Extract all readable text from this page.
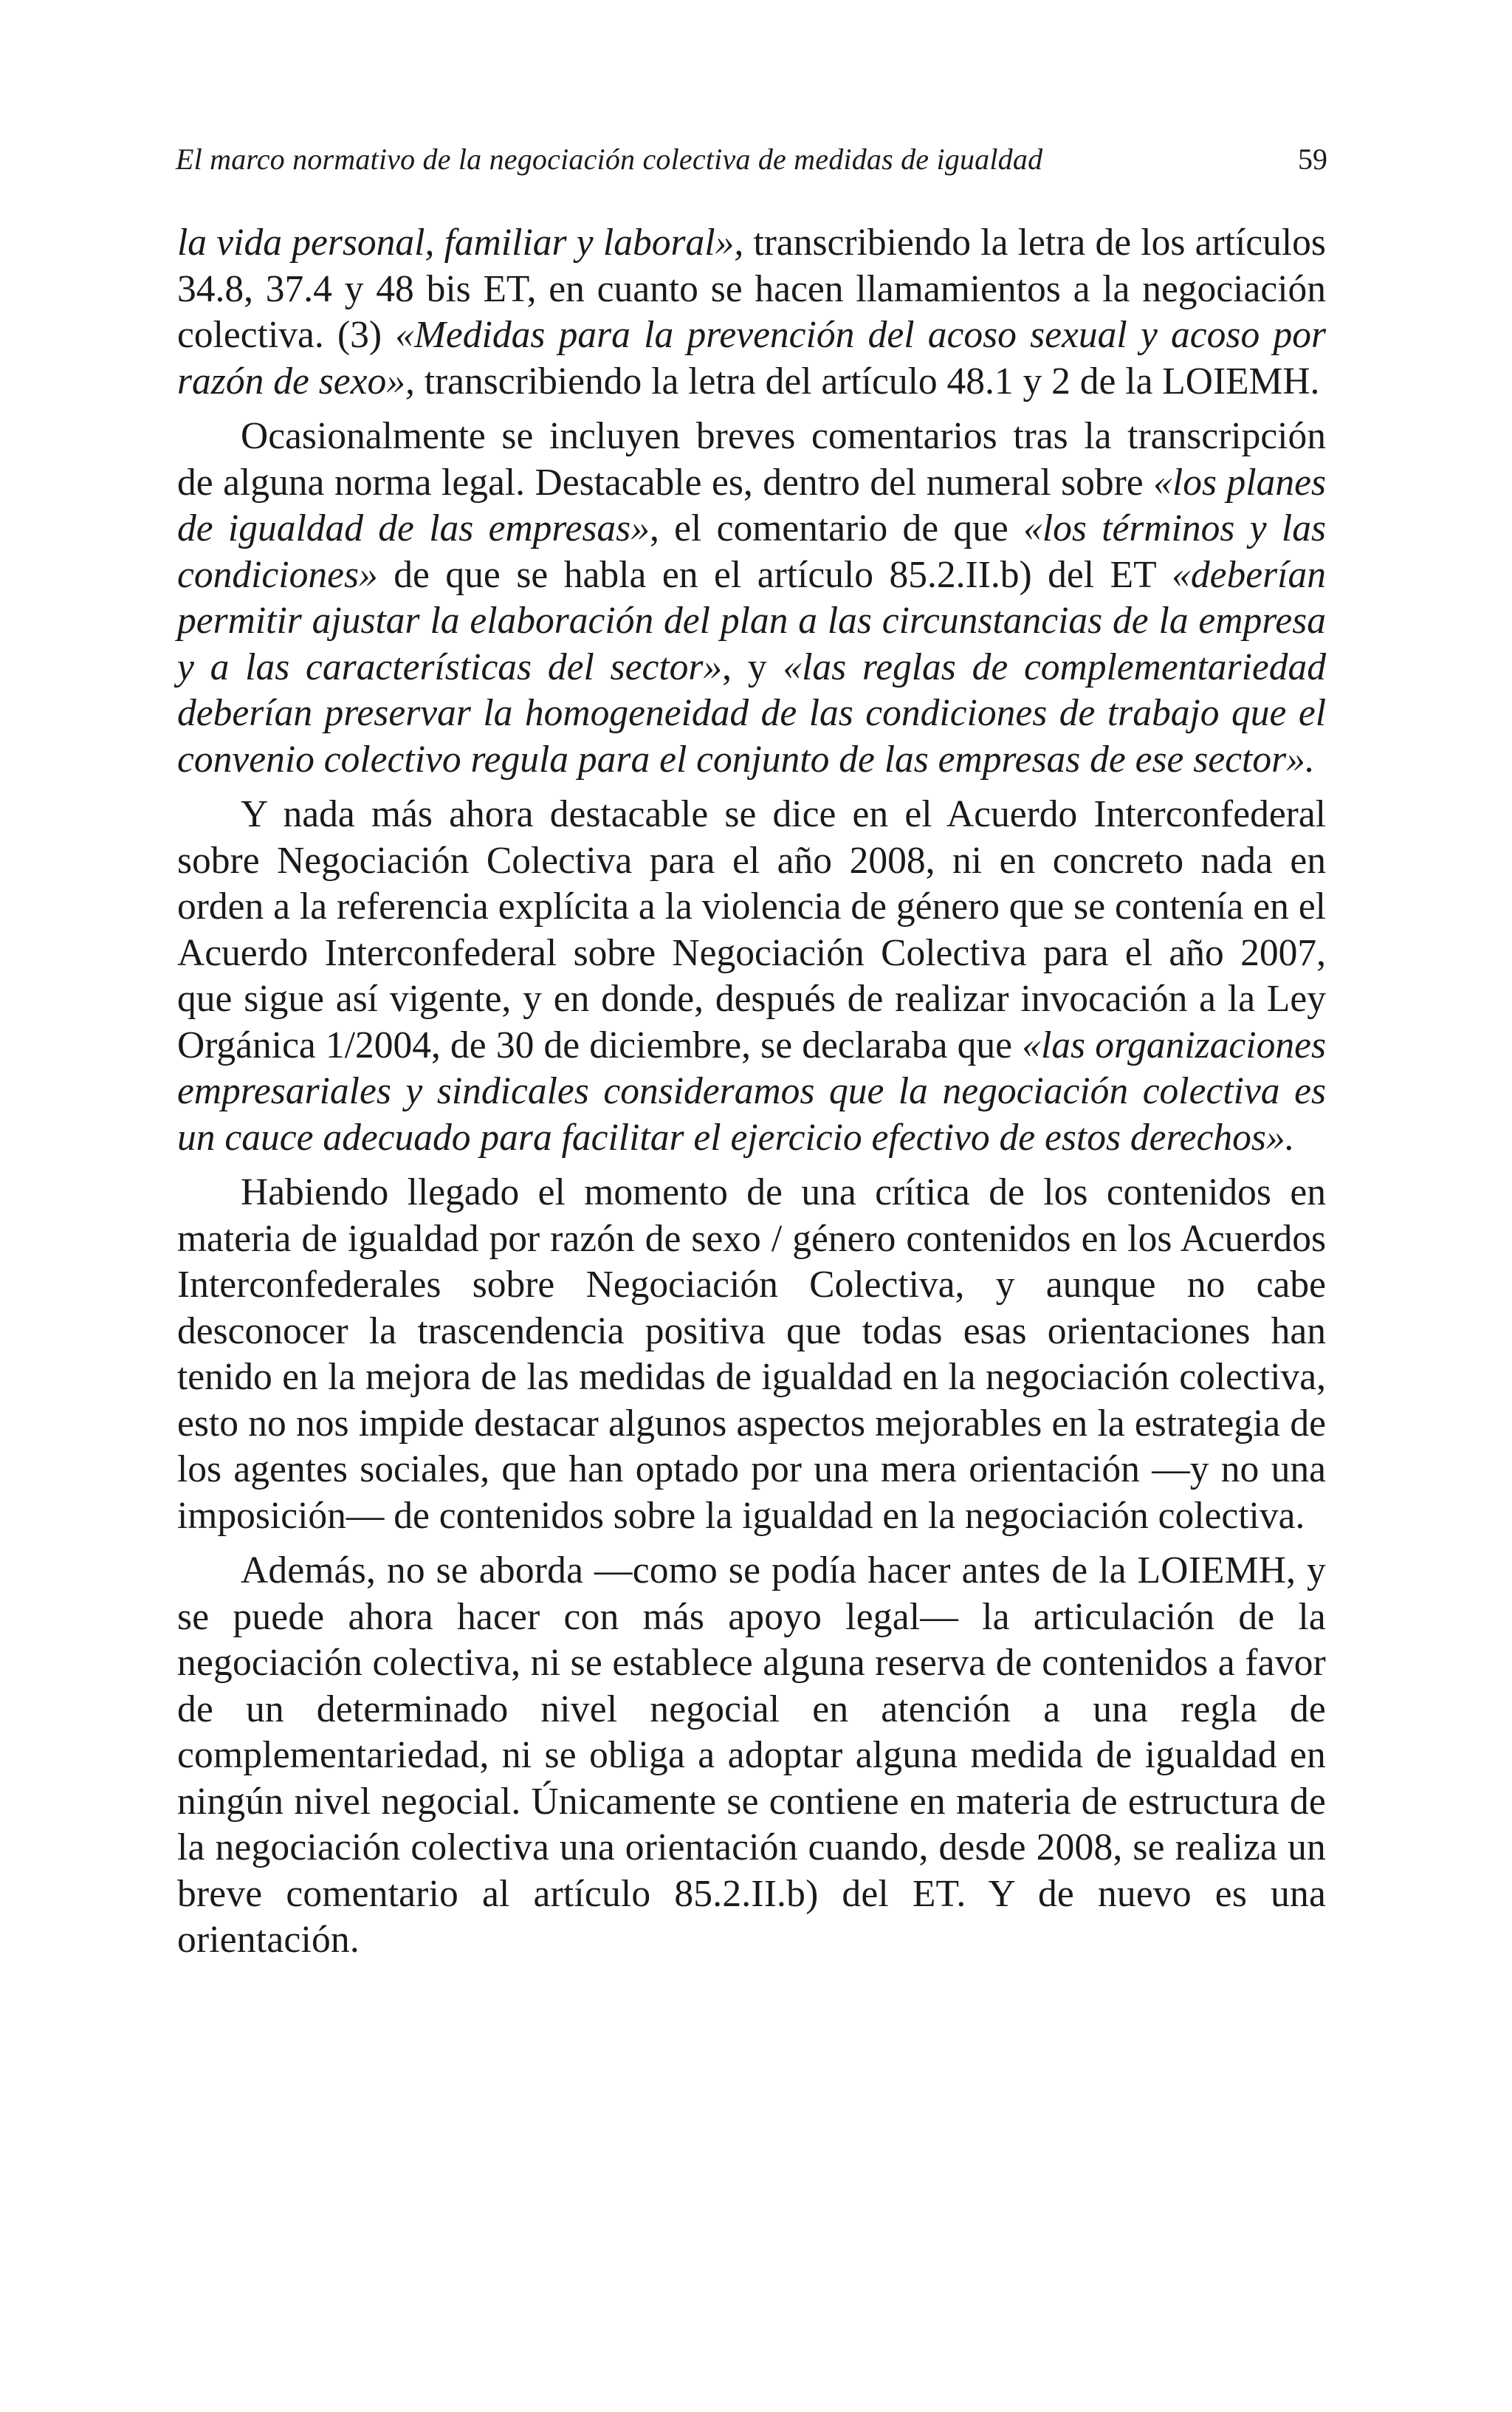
El marco normativo de la negociación colectiva de medidas de igualdad	59

la vida personal, familiar y laboral», transcribiendo la letra de los artículos 34.8, 37.4 y 48 bis ET, en cuanto se hacen llamamientos a la negociación colectiva. (3) «Medidas para la prevención del acoso sexual y acoso por razón de sexo», transcribiendo la letra del artículo 48.1 y 2 de la LOIEMH.

Ocasionalmente se incluyen breves comentarios tras la transcripción de alguna norma legal. Destacable es, dentro del numeral sobre «los planes de igualdad de las empresas», el comentario de que «los términos y las condiciones» de que se habla en el artículo 85.2.II.b) del ET «deberían permitir ajustar la elaboración del plan a las circunstancias de la empresa y a las características del sector», y «las reglas de complementariedad deberían preservar la homogeneidad de las condiciones de trabajo que el convenio colectivo regula para el conjunto de las empresas de ese sector».

Y nada más ahora destacable se dice en el Acuerdo Interconfederal sobre Negociación Colectiva para el año 2008, ni en concreto nada en orden a la referencia explícita a la violencia de género que se contenía en el Acuerdo Interconfederal sobre Negociación Colectiva para el año 2007, que sigue así vigente, y en donde, después de realizar invocación a la Ley Orgánica 1/2004, de 30 de diciembre, se declaraba que «las organizaciones empresariales y sindicales consideramos que la negociación colectiva es un cauce adecuado para facilitar el ejercicio efectivo de estos derechos».

Habiendo llegado el momento de una crítica de los contenidos en materia de igualdad por razón de sexo / género contenidos en los Acuerdos Interconfederales sobre Negociación Colectiva, y aunque no cabe desconocer la trascendencia positiva que todas esas orientaciones han tenido en la mejora de las medidas de igualdad en la negociación colectiva, esto no nos impide destacar algunos aspectos mejorables en la estrategia de los agentes sociales, que han optado por una mera orientación —y no una imposición— de contenidos sobre la igualdad en la negociación colectiva.

Además, no se aborda —como se podía hacer antes de la LOIEMH, y se puede ahora hacer con más apoyo legal— la articulación de la negociación colectiva, ni se establece alguna reserva de contenidos a favor de un determinado nivel negocial en atención a una regla de complementariedad, ni se obliga a adoptar alguna medida de igualdad en ningún nivel negocial. Únicamente se contiene en materia de estructura de la negociación colectiva una orientación cuando, desde 2008, se realiza un breve comentario al artículo 85.2.II.b) del ET. Y de nuevo es una orientación.
